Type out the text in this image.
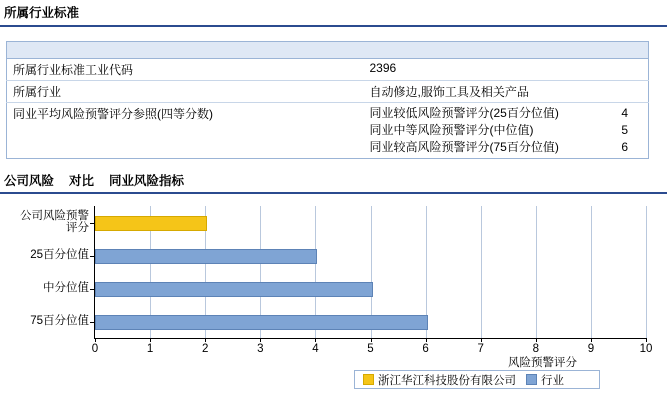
所属行业标准

所属行业标准工业代码	2396
所属行业	自动修边,服饰工具及相关产品
同业平均风险预警评分参照(四等分数)	同业较低风险预警评分(25百分位值)	4
同业中等风险预警评分(中位值)	5
同业较高风险预警评分(75百分位值)	6
公司风险 对比 同业风险指标
0	1	2	3	4	5	6	7	8	9	10
公司风险预警
评分
25百分位值
中分位值
75百分位值
风险预警评分
浙江华江科技股份有限公司 行业
